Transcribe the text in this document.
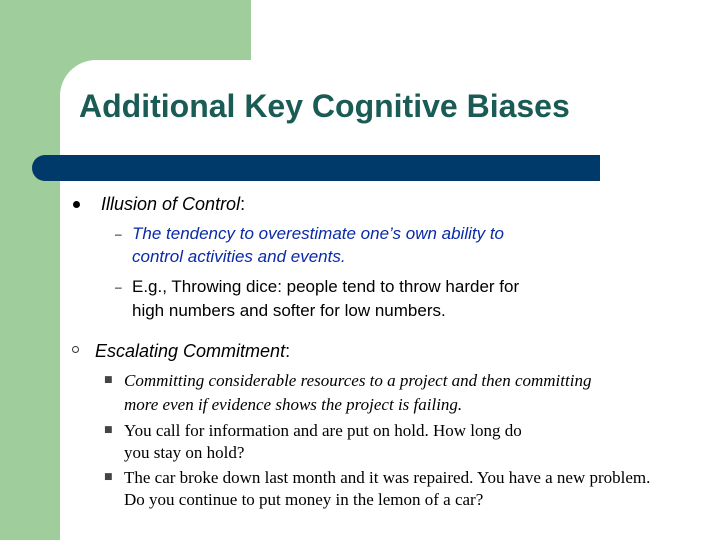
Additional Key Cognitive Biases
Illusion of Control:
– The tendency to overestimate one’s own ability to
control activities and events.
– E.g., Throwing dice: people tend to throw harder for
high numbers and softer for low numbers.
Escalating Commitment:
■ Committing considerable resources to a project and then committing
more even if evidence shows the project is failing.
■ You call for information and are put on hold. How long do
you stay on hold?
■ The car broke down last month and it was repaired. You have a new problem.
Do you continue to put money in the lemon of a car?
